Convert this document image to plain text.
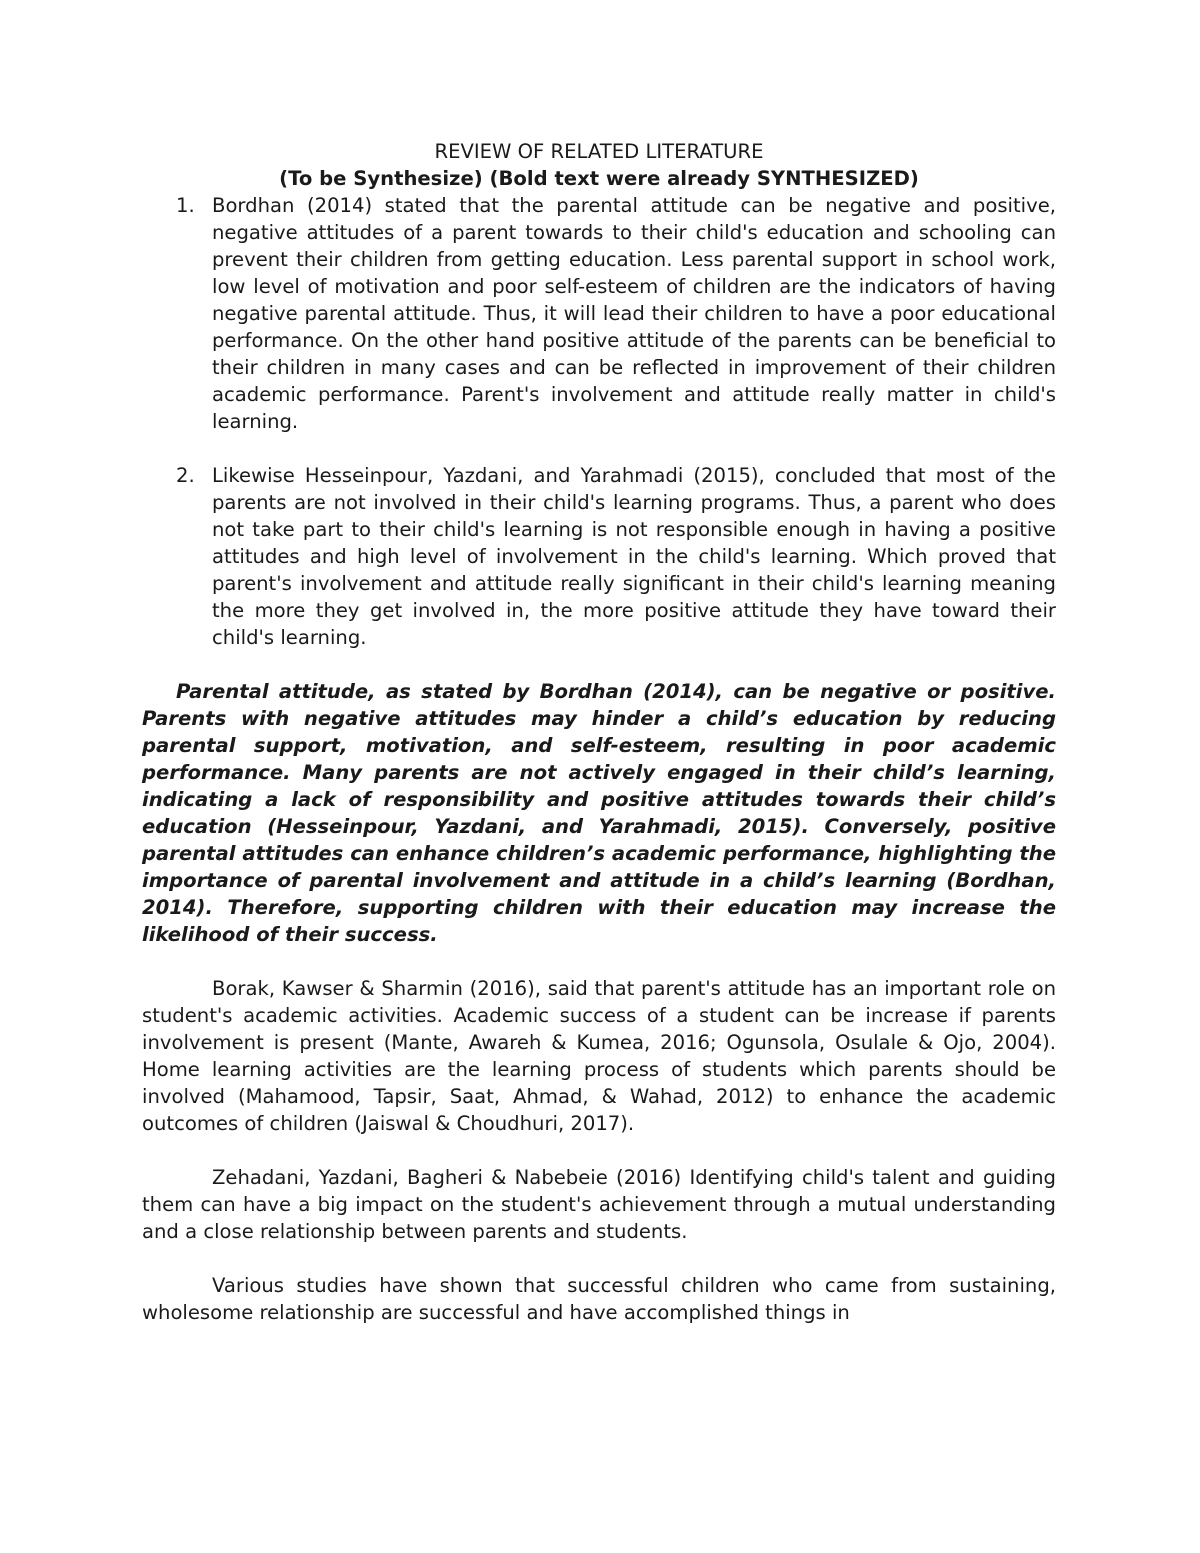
REVIEW OF RELATED LITERATURE

(To be Synthesize) (Bold text were already SYNTHESIZED)

1. Bordhan (2014) stated that the parental attitude can be negative and positive, negative attitudes of a parent towards to their child's education and schooling can prevent their children from getting education. Less parental support in school work, low level of motivation and poor self-esteem of children are the indicators of having negative parental attitude. Thus, it will lead their children to have a poor educational performance. On the other hand positive attitude of the parents can be beneficial to their children in many cases and can be reflected in improvement of their children academic performance. Parent's involvement and attitude really matter in child's learning.
2. Likewise Hesseinpour, Yazdani, and Yarahmadi (2015), concluded that most of the parents are not involved in their child's learning programs. Thus, a parent who does not take part to their child's learning is not responsible enough in having a positive attitudes and high level of involvement in the child's learning. Which proved that parent's involvement and attitude really significant in their child's learning meaning the more they get involved in, the more positive attitude they have toward their child's learning.

Parental attitude, as stated by Bordhan (2014), can be negative or positive. Parents with negative attitudes may hinder a child’s education by reducing parental support, motivation, and self-esteem, resulting in poor academic performance. Many parents are not actively engaged in their child’s learning, indicating a lack of responsibility and positive attitudes towards their child’s education (Hesseinpour, Yazdani, and Yarahmadi, 2015). Conversely, positive parental attitudes can enhance children’s academic performance, highlighting the importance of parental involvement and attitude in a child’s learning (Bordhan, 2014). Therefore, supporting children with their education may increase the likelihood of their success.

Borak, Kawser & Sharmin (2016), said that parent's attitude has an important role on student's academic activities. Academic success of a student can be increase if parents involvement is present (Mante, Awareh & Kumea, 2016; Ogunsola, Osulale & Ojo, 2004). Home learning activities are the learning process of students which parents should be involved (Mahamood, Tapsir, Saat, Ahmad, & Wahad, 2012) to enhance the academic outcomes of children (Jaiswal & Choudhuri, 2017).

Zehadani, Yazdani, Bagheri & Nabebeie (2016) Identifying child's talent and guiding them can have a big impact on the student's achievement through a mutual understanding and a close relationship between parents and students.

Various studies have shown that successful children who came from sustaining, wholesome relationship are successful and have accomplished things in
